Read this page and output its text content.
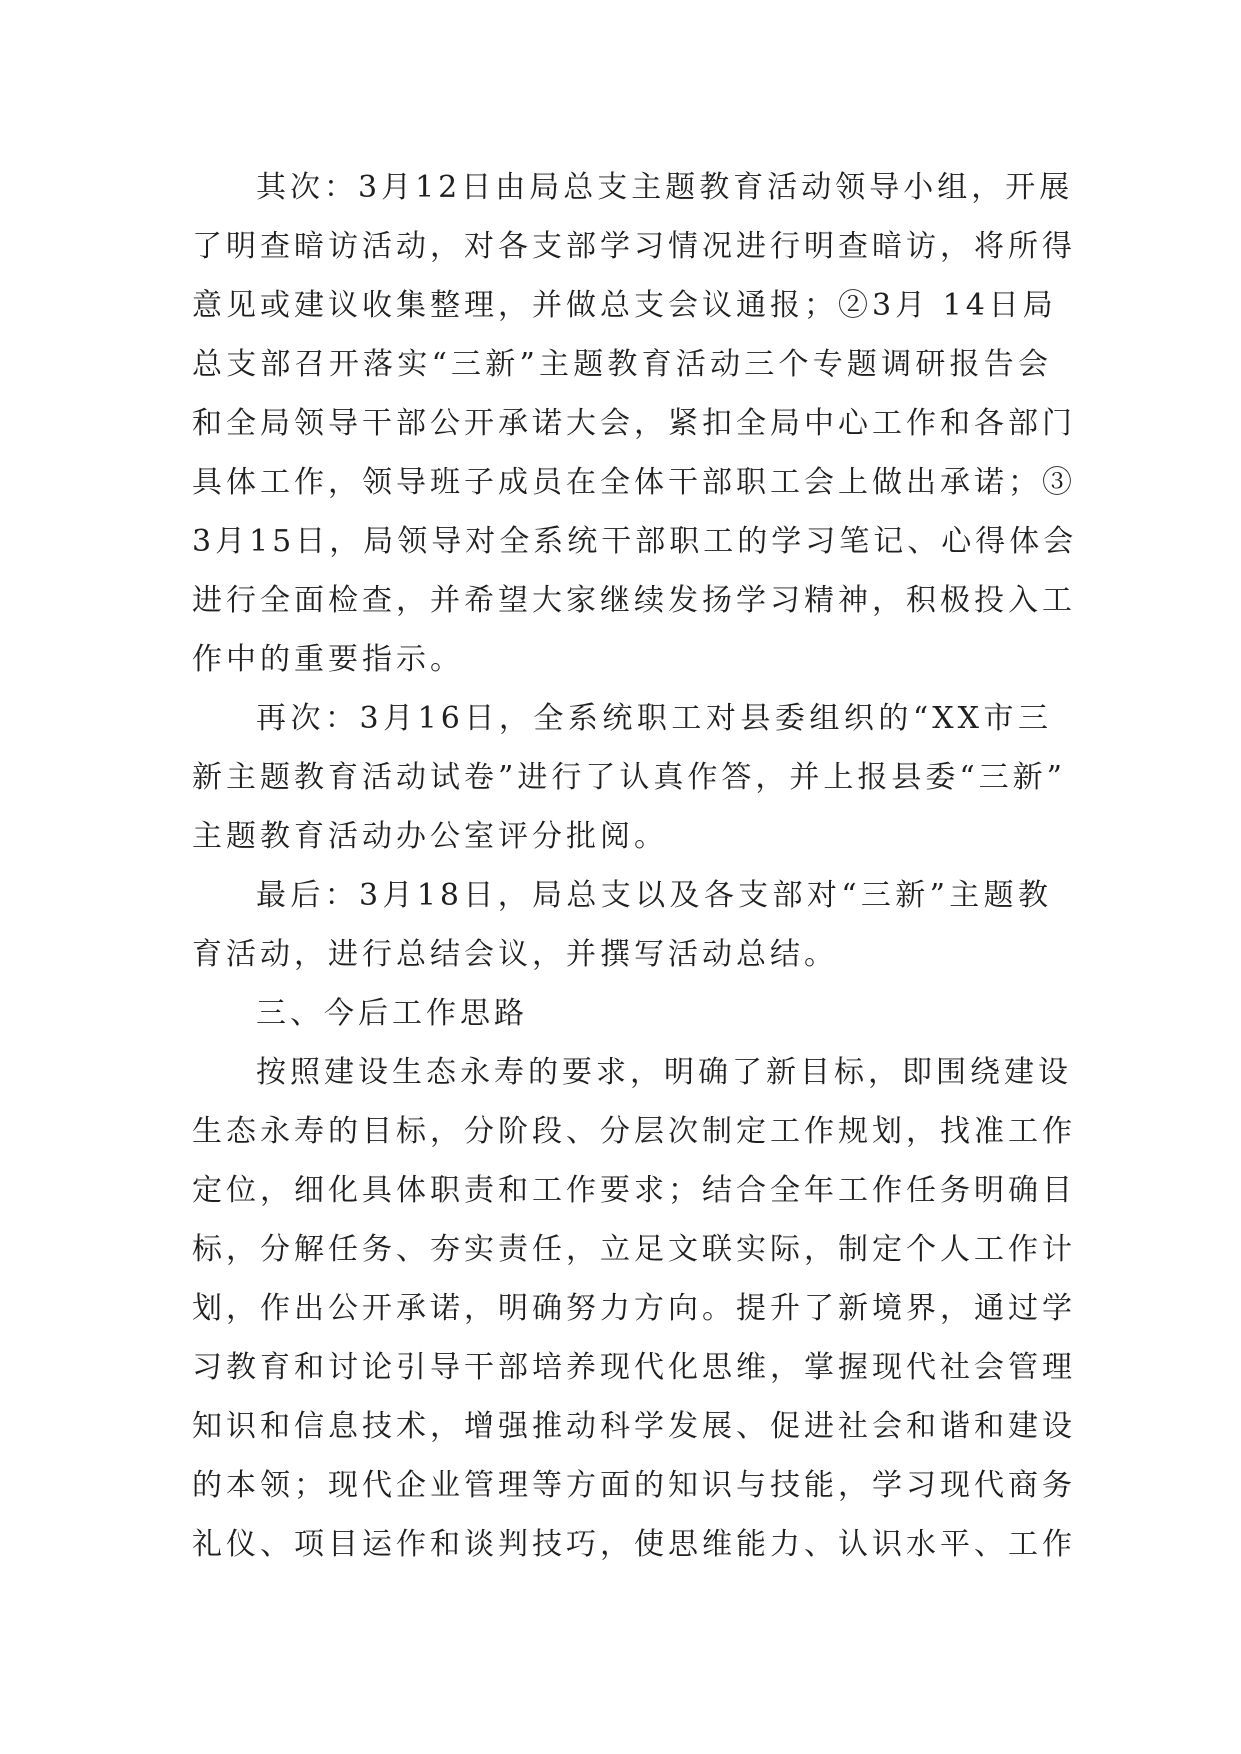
其次：3月12日由局总支主题教育活动领导小组，开展
了明查暗访活动，对各支部学习情况进行明查暗访，将所得
意见或建议收集整理，并做总支会议通报；②3月 14日局
总支部召开落实“三新”主题教育活动三个专题调研报告会
和全局领导干部公开承诺大会，紧扣全局中心工作和各部门
具体工作，领导班子成员在全体干部职工会上做出承诺；③
3月15日，局领导对全系统干部职工的学习笔记、心得体会
进行全面检查，并希望大家继续发扬学习精神，积极投入工
作中的重要指示。
再次：3月16日，全系统职工对县委组织的“XX市三
新主题教育活动试卷”进行了认真作答，并上报县委“三新”
主题教育活动办公室评分批阅。
最后：3月18日，局总支以及各支部对“三新”主题教
育活动，进行总结会议，并撰写活动总结。
三、今后工作思路
按照建设生态永寿的要求，明确了新目标，即围绕建设
生态永寿的目标，分阶段、分层次制定工作规划，找准工作
定位，细化具体职责和工作要求；结合全年工作任务明确目
标，分解任务、夯实责任，立足文联实际，制定个人工作计
划，作出公开承诺，明确努力方向。提升了新境界，通过学
习教育和讨论引导干部培养现代化思维，掌握现代社会管理
知识和信息技术，增强推动科学发展、促进社会和谐和建设
的本领；现代企业管理等方面的知识与技能，学习现代商务
礼仪、项目运作和谈判技巧，使思维能力、认识水平、工作
